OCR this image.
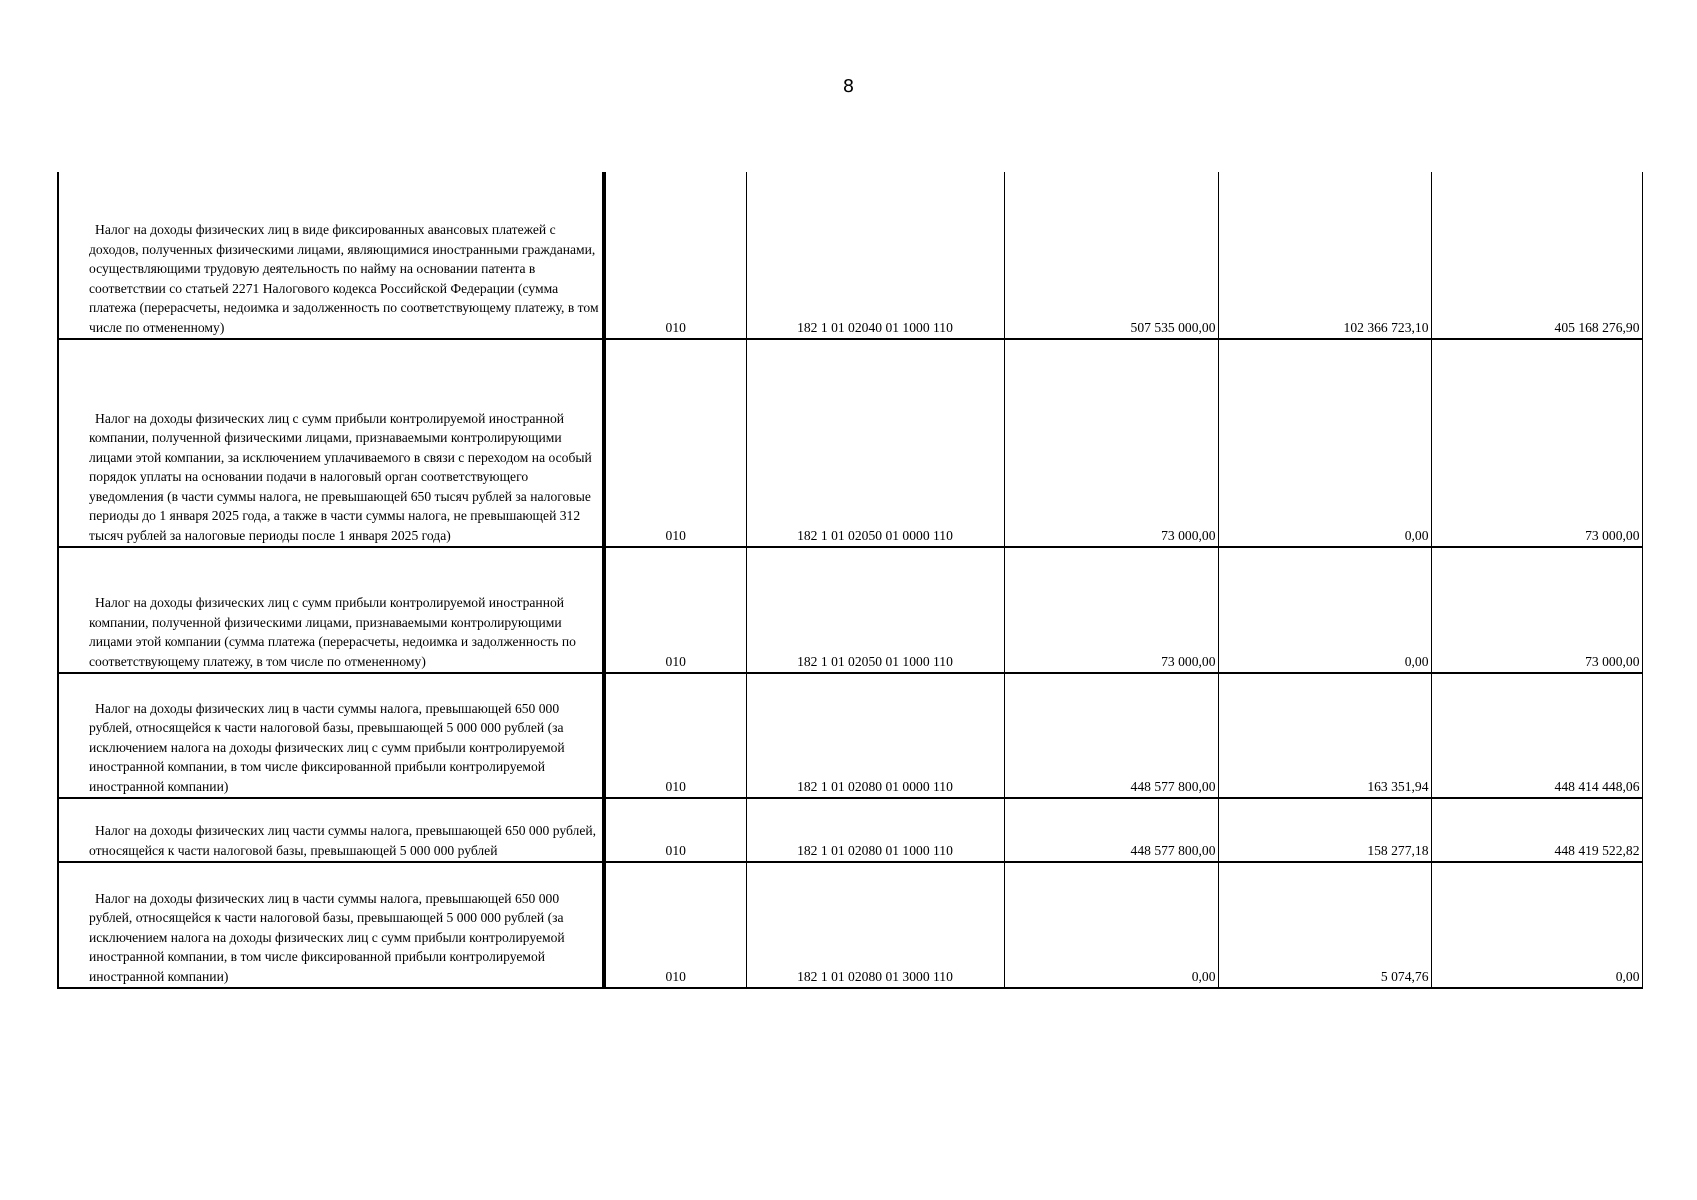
8
Налог на доходы физических лиц в виде фиксированных авансовых платежей с доходов, полученных физическими лицами, являющимися иностранными гражданами, осуществляющими трудовую деятельность по найму на основании патента в соответствии со статьей 2271 Налогового кодекса Российской Федерации (сумма платежа (перерасчеты, недоимка и задолженность по соответствующему платежу, в том числе по отмененному)	010	182 1 01 02040 01 1000 110	507 535 000,00	102 366 723,10	405 168 276,90

Налог на доходы физических лиц с сумм прибыли контролируемой иностранной компании, полученной физическими лицами, признаваемыми контролирующими лицами этой компании, за исключением уплачиваемого в связи с переходом на особый порядок уплаты на основании подачи в налоговый орган соответствующего уведомления (в части суммы налога, не превышающей 650 тысяч рублей за налоговые периоды до 1 января 2025 года, а также в части суммы налога, не превышающей 312 тысяч рублей за налоговые периоды после 1 января 2025 года)	010	182 1 01 02050 01 0000 110	73 000,00	0,00	73 000,00

Налог на доходы физических лиц с сумм прибыли контролируемой иностранной компании, полученной физическими лицами, признаваемыми контролирующими лицами этой компании (сумма платежа (перерасчеты, недоимка и задолженность по соответствующему платежу, в том числе по отмененному)	010	182 1 01 02050 01 1000 110	73 000,00	0,00	73 000,00

Налог на доходы физических лиц в части суммы налога, превышающей 650 000 рублей, относящейся к части налоговой базы, превышающей 5 000 000 рублей (за исключением налога на доходы физических лиц с сумм прибыли контролируемой иностранной компании, в том числе фиксированной прибыли контролируемой иностранной компании)	010	182 1 01 02080 01 0000 110	448 577 800,00	163 351,94	448 414 448,06

Налог на доходы физических лиц части суммы налога, превышающей 650 000 рублей, относящейся к части налоговой базы, превышающей 5 000 000 рублей	010	182 1 01 02080 01 1000 110	448 577 800,00	158 277,18	448 419 522,82

Налог на доходы физических лиц в части суммы налога, превышающей 650 000 рублей, относящейся к части налоговой базы, превышающей 5 000 000 рублей (за исключением налога на доходы физических лиц с сумм прибыли контролируемой иностранной компании, в том числе фиксированной прибыли контролируемой иностранной компании)	010	182 1 01 02080 01 3000 110	0,00	5 074,76	0,00
